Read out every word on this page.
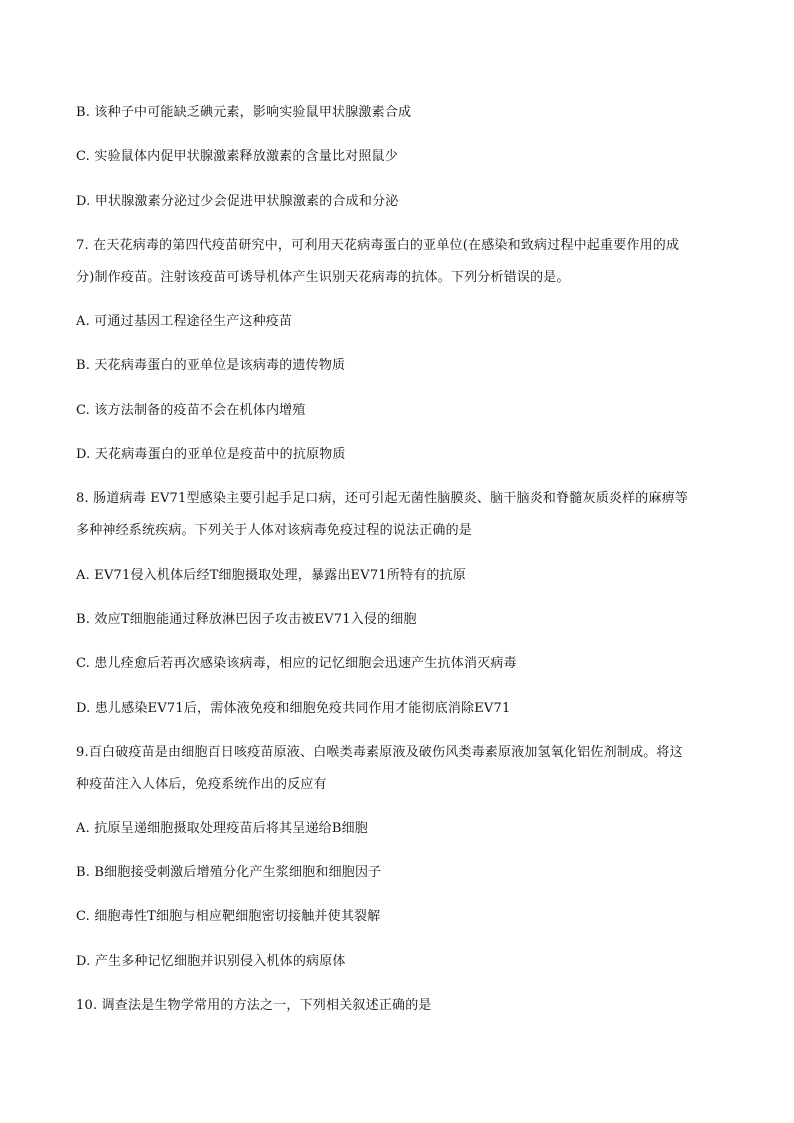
B. 该种子中可能缺乏碘元素，影响实验鼠甲状腺激素合成
C. 实验鼠体内促甲状腺激素释放激素的含量比对照鼠少
D. 甲状腺激素分泌过少会促进甲状腺激素的合成和分泌
7. 在天花病毒的第四代疫苗研究中，可利用天花病毒蛋白的亚单位(在感染和致病过程中起重要作用的成
分)制作疫苗。注射该疫苗可诱导机体产生识别天花病毒的抗体。下列分析错误的是。
A. 可通过基因工程途径生产这种疫苗
B. 天花病毒蛋白的亚单位是该病毒的遗传物质
C. 该方法制备的疫苗不会在机体内增殖
D. 天花病毒蛋白的亚单位是疫苗中的抗原物质
8. 肠道病毒 EV71型感染主要引起手足口病，还可引起无菌性脑膜炎、脑干脑炎和脊髓灰质炎样的麻痹等
多种神经系统疾病。下列关于人体对该病毒免疫过程的说法正确的是
A. EV71侵入机体后经T细胞摄取处理，暴露出EV71所特有的抗原
B. 效应T细胞能通过释放淋巴因子攻击被EV71入侵的细胞
C. 患儿痊愈后若再次感染该病毒，相应的记忆细胞会迅速产生抗体消灭病毒
D. 患儿感染EV71后，需体液免疫和细胞免疫共同作用才能彻底消除EV71
9.百白破疫苗是由细胞百日咳疫苗原液、白喉类毒素原液及破伤风类毒素原液加氢氧化铝佐剂制成。将这
种疫苗注入人体后，免疫系统作出的反应有
A. 抗原呈递细胞摄取处理疫苗后将其呈递给B细胞
B. B细胞接受刺激后增殖分化产生浆细胞和细胞因子
C. 细胞毒性T细胞与相应靶细胞密切接触并使其裂解
D. 产生多种记忆细胞并识别侵入机体的病原体
10. 调查法是生物学常用的方法之一，下列相关叙述正确的是
